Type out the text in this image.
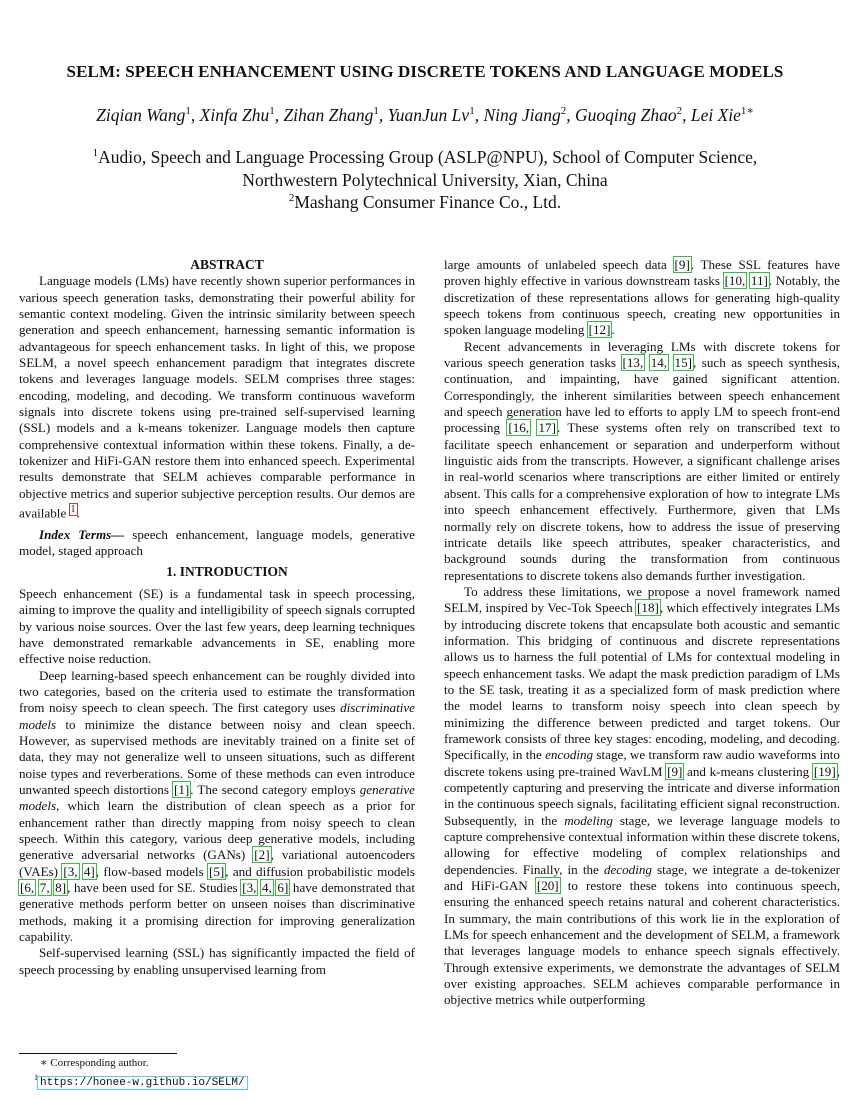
SELM: SPEECH ENHANCEMENT USING DISCRETE TOKENS AND LANGUAGE MODELS
Ziqian Wang$^1$, Xinfa Zhu$^1$, Zihan Zhang$^1$, YuanJun Lv$^1$, Ning Jiang$^2$, Guoqing Zhao$^2$, Lei Xie$^{1∗}$
$^1$Audio, Speech and Language Processing Group (ASLP@NPU), School of Computer Science,
Northwestern Polytechnical University, Xian, China
$^2$Mashang Consumer Finance Co., Ltd.

ABSTRACT

Language models (LMs) have recently shown superior performances in various speech generation tasks, demonstrating their powerful ability for semantic context modeling. Given the intrinsic similarity between speech generation and speech enhancement, harnessing semantic information is advantageous for speech enhancement tasks. In light of this, we propose SELM, a novel speech enhancement paradigm that integrates discrete tokens and leverages language models. SELM comprises three stages: encoding, modeling, and decoding. We transform continuous waveform signals into discrete tokens using pre-trained self-supervised learning (SSL) models and a k-means tokenizer. Language models then capture comprehensive contextual information within these tokens. Finally, a de-tokenizer and HiFi-GAN restore them into enhanced speech. Experimental results demonstrate that SELM achieves comparable performance in objective metrics and superior subjective perception results. Our demos are available $^1$.

Index Terms— speech enhancement, language models, generative model, staged approach

1. INTRODUCTION

Speech enhancement (SE) is a fundamental task in speech processing, aiming to improve the quality and intelligibility of speech signals corrupted by various noise sources. Over the last few years, deep learning techniques have demonstrated remarkable advancements in SE, enabling more effective noise reduction.

Deep learning-based speech enhancement can be roughly divided into two categories, based on the criteria used to estimate the transformation from noisy speech to clean speech. The first category uses discriminative models to minimize the distance between noisy and clean speech. However, as supervised methods are inevitably trained on a finite set of data, they may not generalize well to unseen situations, such as different noise types and reverberations. Some of these methods can even introduce unwanted speech distortions [1]. The second category employs generative models, which learn the distribution of clean speech as a prior for enhancement rather than directly mapping from noisy speech to clean speech. Within this category, various deep generative models, including generative adversarial networks (GANs) [2], variational autoencoders (VAEs) [3, 4], flow-based models [5], and diffusion probabilistic models [6, 7, 8], have been used for SE. Studies [3, 4, 6] have demonstrated that generative methods perform better on unseen noises than discriminative methods, making it a promising direction for improving generalization capability.

Self-supervised learning (SSL) has significantly impacted the field of speech processing by enabling unsupervised learning from

large amounts of unlabeled speech data [9]. These SSL features have proven highly effective in various downstream tasks [10, 11]. Notably, the discretization of these representations allows for generating high-quality speech tokens from continuous speech, creating new opportunities in spoken language modeling [12].

Recent advancements in leveraging LMs with discrete tokens for various speech generation tasks [13, 14, 15], such as speech synthesis, continuation, and impainting, have gained significant attention. Correspondingly, the inherent similarities between speech enhancement and speech generation have led to efforts to apply LM to speech front-end processing [16, 17]. These systems often rely on transcribed text to facilitate speech enhancement or separation and underperform without linguistic aids from the transcripts. However, a significant challenge arises in real-world scenarios where transcriptions are either limited or entirely absent. This calls for a comprehensive exploration of how to integrate LMs into speech enhancement effectively. Furthermore, given that LMs normally rely on discrete tokens, how to address the issue of preserving intricate details like speech attributes, speaker characteristics, and background sounds during the transformation from continuous representations to discrete tokens also demands further investigation.

To address these limitations, we propose a novel framework named SELM, inspired by Vec-Tok Speech [18], which effectively integrates LMs by introducing discrete tokens that encapsulate both acoustic and semantic information. This bridging of continuous and discrete representations allows us to harness the full potential of LMs for contextual modeling in speech enhancement tasks. We adapt the mask prediction paradigm of LMs to the SE task, treating it as a specialized form of mask prediction where the model learns to transform noisy speech into clean speech by minimizing the difference between predicted and target tokens. Our framework consists of three key stages: encoding, modeling, and decoding. Specifically, in the encoding stage, we transform raw audio waveforms into discrete tokens using pre-trained WavLM [9] and k-means clustering [19], competently capturing and preserving the intricate and diverse information in the continuous speech signals, facilitating efficient signal reconstruction. Subsequently, in the modeling stage, we leverage language models to capture comprehensive contextual information within these discrete tokens, allowing for effective modeling of complex relationships and dependencies. Finally, in the decoding stage, we integrate a de-tokenizer and HiFi-GAN [20] to restore these tokens into continuous speech, ensuring the enhanced speech retains natural and coherent characteristics. In summary, the main contributions of this work lie in the exploration of LMs for speech enhancement and the development of SELM, a framework that leverages language models to enhance speech signals effectively. Through extensive experiments, we demonstrate the advantages of SELM over existing approaches. SELM achieves comparable performance in objective metrics while outperforming

∗ Corresponding author.
$^1$ https://honee-w.github.io/SELM/
